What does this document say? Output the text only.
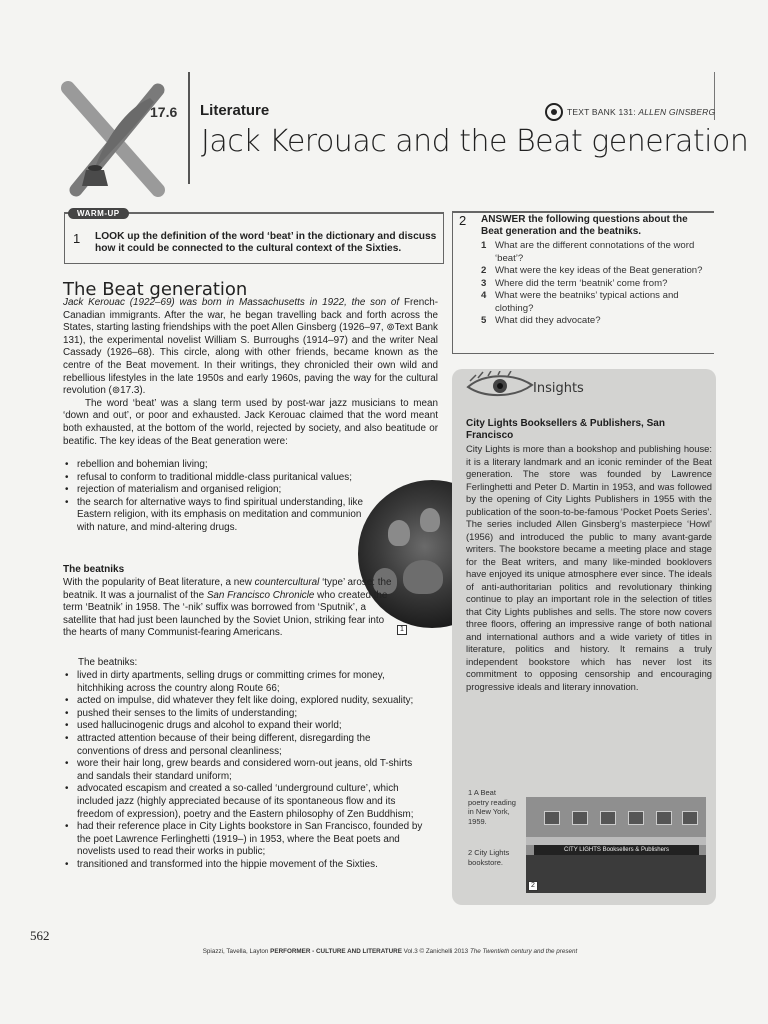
17.6 Literature	TEXT BANK 131: ALLEN GINSBERG
Jack Kerouac and the Beat generation
WARM-UP
1 LOOK up the definition of the word ‘beat’ in the dictionary and discuss how it could be connected to the cultural context of the Sixties.
2 ANSWER the following questions about the Beat generation and the beatniks.
1 What are the different connotations of the word ‘beat’?
2 What were the key ideas of the Beat generation?
3 Where did the term ‘beatnik’ come from?
4 What were the beatniks’ typical actions and clothing?
5 What did they advocate?
The Beat generation
Jack Kerouac (1922–69) was born in Massachusetts in 1922, the son of French-Canadian immigrants. After the war, he began travelling back and forth across the States, starting lasting friendships with the poet Allen Ginsberg (1926–97, ⊚Text Bank 131), the experimental novelist William S. Burroughs (1914–97) and the writer Neal Cassady (1926–68). This circle, along with other friends, became known as the centre of the Beat movement. In their writings, they chronicled their own wild and rebellious lifestyles in the late 1950s and early 1960s, paving the way for the cultural revolution (⊚17.3).
The word ‘beat’ was a slang term used by post-war jazz musicians to mean ‘down and out’, or poor and exhausted. Jack Kerouac claimed that the word meant both exhausted, at the bottom of the world, rejected by society, and also beatitude or beatific. The key ideas of the Beat generation were:
• rebellion and bohemian living;
• refusal to conform to traditional middle-class puritanical values;
• rejection of materialism and organised religion;
• the search for alternative ways to find spiritual understanding, like Eastern religion, with its emphasis on meditation and communion with nature, and mind-altering drugs.
1
The beatniks
With the popularity of Beat literature, a new countercultural ‘type’ arose: the beatnik. It was a journalist of the San Francisco Chronicle who created the term ‘Beatnik’ in 1958. The ‘-nik’ suffix was borrowed from ‘Sputnik’, a satellite that had just been launched by the Soviet Union, striking fear into the hearts of many Communist-fearing Americans.
The beatniks:
• lived in dirty apartments, selling drugs or committing crimes for money, hitchhiking across the country along Route 66;
• acted on impulse, did whatever they felt like doing, explored nudity, sexuality;
• pushed their senses to the limits of understanding;
• used hallucinogenic drugs and alcohol to expand their world;
• attracted attention because of their being different, disregarding the conventions of dress and personal cleanliness;
• wore their hair long, grew beards and considered worn-out jeans, old T-shirts and sandals their standard uniform;
• advocated escapism and created a so-called ‘underground culture’, which included jazz (highly appreciated because of its spontaneous flow and its freedom of expression), poetry and the Eastern philosophy of Zen Buddhism;
• had their reference place in City Lights bookstore in San Francisco, founded by the poet Lawrence Ferlinghetti (1919–) in 1953, where the Beat poets and novelists used to read their works in public;
• transitioned and transformed into the hippie movement of the Sixties.
Insights
City Lights Booksellers & Publishers, San Francisco
City Lights is more than a bookshop and publishing house: it is a literary landmark and an iconic reminder of the Beat generation. The store was founded by Lawrence Ferlinghetti and Peter D. Martin in 1953, and was followed by the opening of City Lights Publishers in 1955 with the publication of the soon-to-be-famous ‘Pocket Poets Series’. The series included Allen Ginsberg’s masterpiece ‘Howl’ (1956) and introduced the public to many avant-garde writers. The bookstore became a meeting place and stage for the Beat writers, and many like-minded booklovers have enjoyed its unique atmosphere ever since. The ideals of anti-authoritarian politics and revolutionary thinking continue to play an important role in the selection of titles that City Lights publishes and sells. The store now covers three floors, offering an impressive range of both national and international authors and a wide variety of titles in literature, politics and history. It remains a truly independent bookstore which has never lost its commitment to opposing censorship and encouraging progressive ideals and literary innovation.
1 A Beat poetry reading in New York, 1959.
2 City Lights bookstore.
CITY LIGHTS Booksellers & Publishers
2
562
Spiazzi, Tavella, Layton PERFORMER - CULTURE AND LITERATURE Vol.3 © Zanichelli 2013 The Twentieth century and the present
